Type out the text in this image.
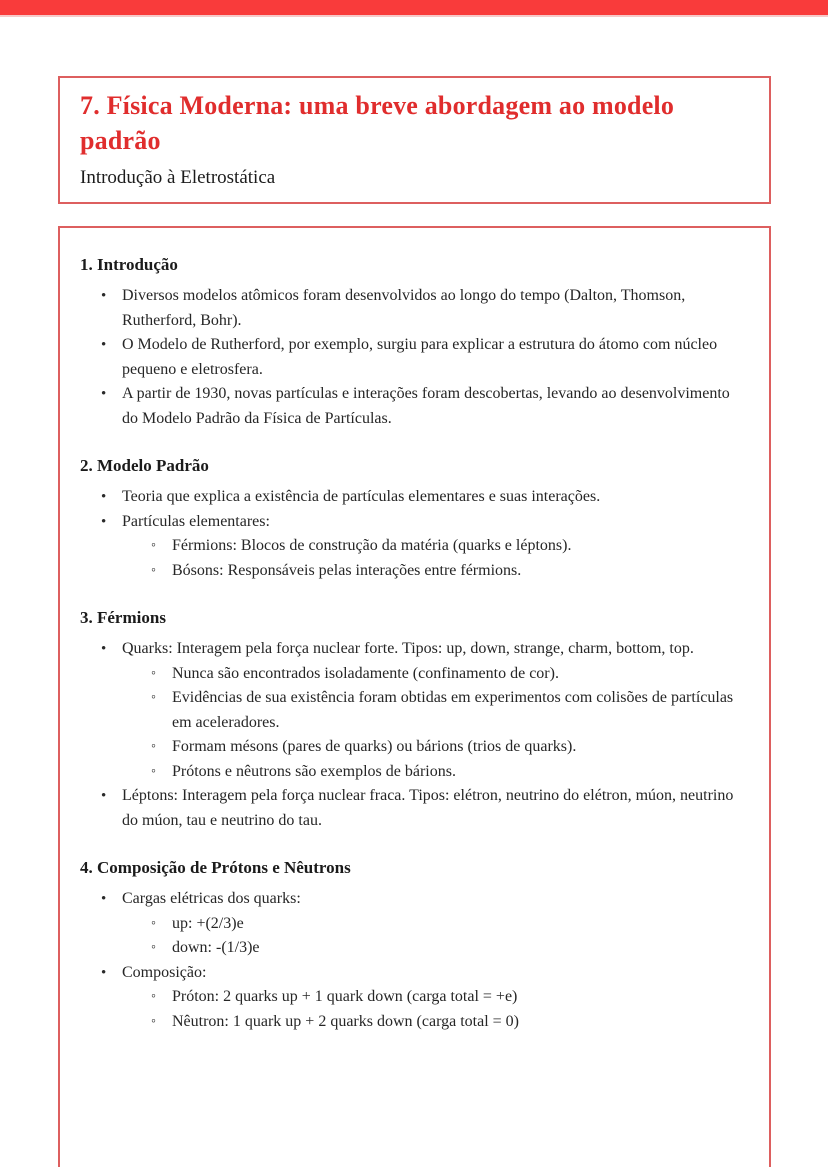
7. Física Moderna: uma breve abordagem ao modelo padrão

Introdução à Eletrostática

1. Introdução
• Diversos modelos atômicos foram desenvolvidos ao longo do tempo (Dalton, Thomson, Rutherford, Bohr).
• O Modelo de Rutherford, por exemplo, surgiu para explicar a estrutura do átomo com núcleo pequeno e eletrosfera.
• A partir de 1930, novas partículas e interações foram descobertas, levando ao desenvolvimento do Modelo Padrão da Física de Partículas.
2. Modelo Padrão
• Teoria que explica a existência de partículas elementares e suas interações.
• Partículas elementares:
◦ Férmions: Blocos de construção da matéria (quarks e léptons).
◦ Bósons: Responsáveis pelas interações entre férmions.
3. Férmions
• Quarks: Interagem pela força nuclear forte. Tipos: up, down, strange, charm, bottom, top.
◦ Nunca são encontrados isoladamente (confinamento de cor).
◦ Evidências de sua existência foram obtidas em experimentos com colisões de partículas em aceleradores.
◦ Formam mésons (pares de quarks) ou bárions (trios de quarks).
◦ Prótons e nêutrons são exemplos de bárions.
• Léptons: Interagem pela força nuclear fraca. Tipos: elétron, neutrino do elétron, múon, neutrino do múon, tau e neutrino do tau.
4. Composição de Prótons e Nêutrons
• Cargas elétricas dos quarks:
◦ up: +(2/3)e
◦ down: -(1/3)e
• Composição:
◦ Próton: 2 quarks up + 1 quark down (carga total = +e)
◦ Nêutron: 1 quark up + 2 quarks down (carga total = 0)
